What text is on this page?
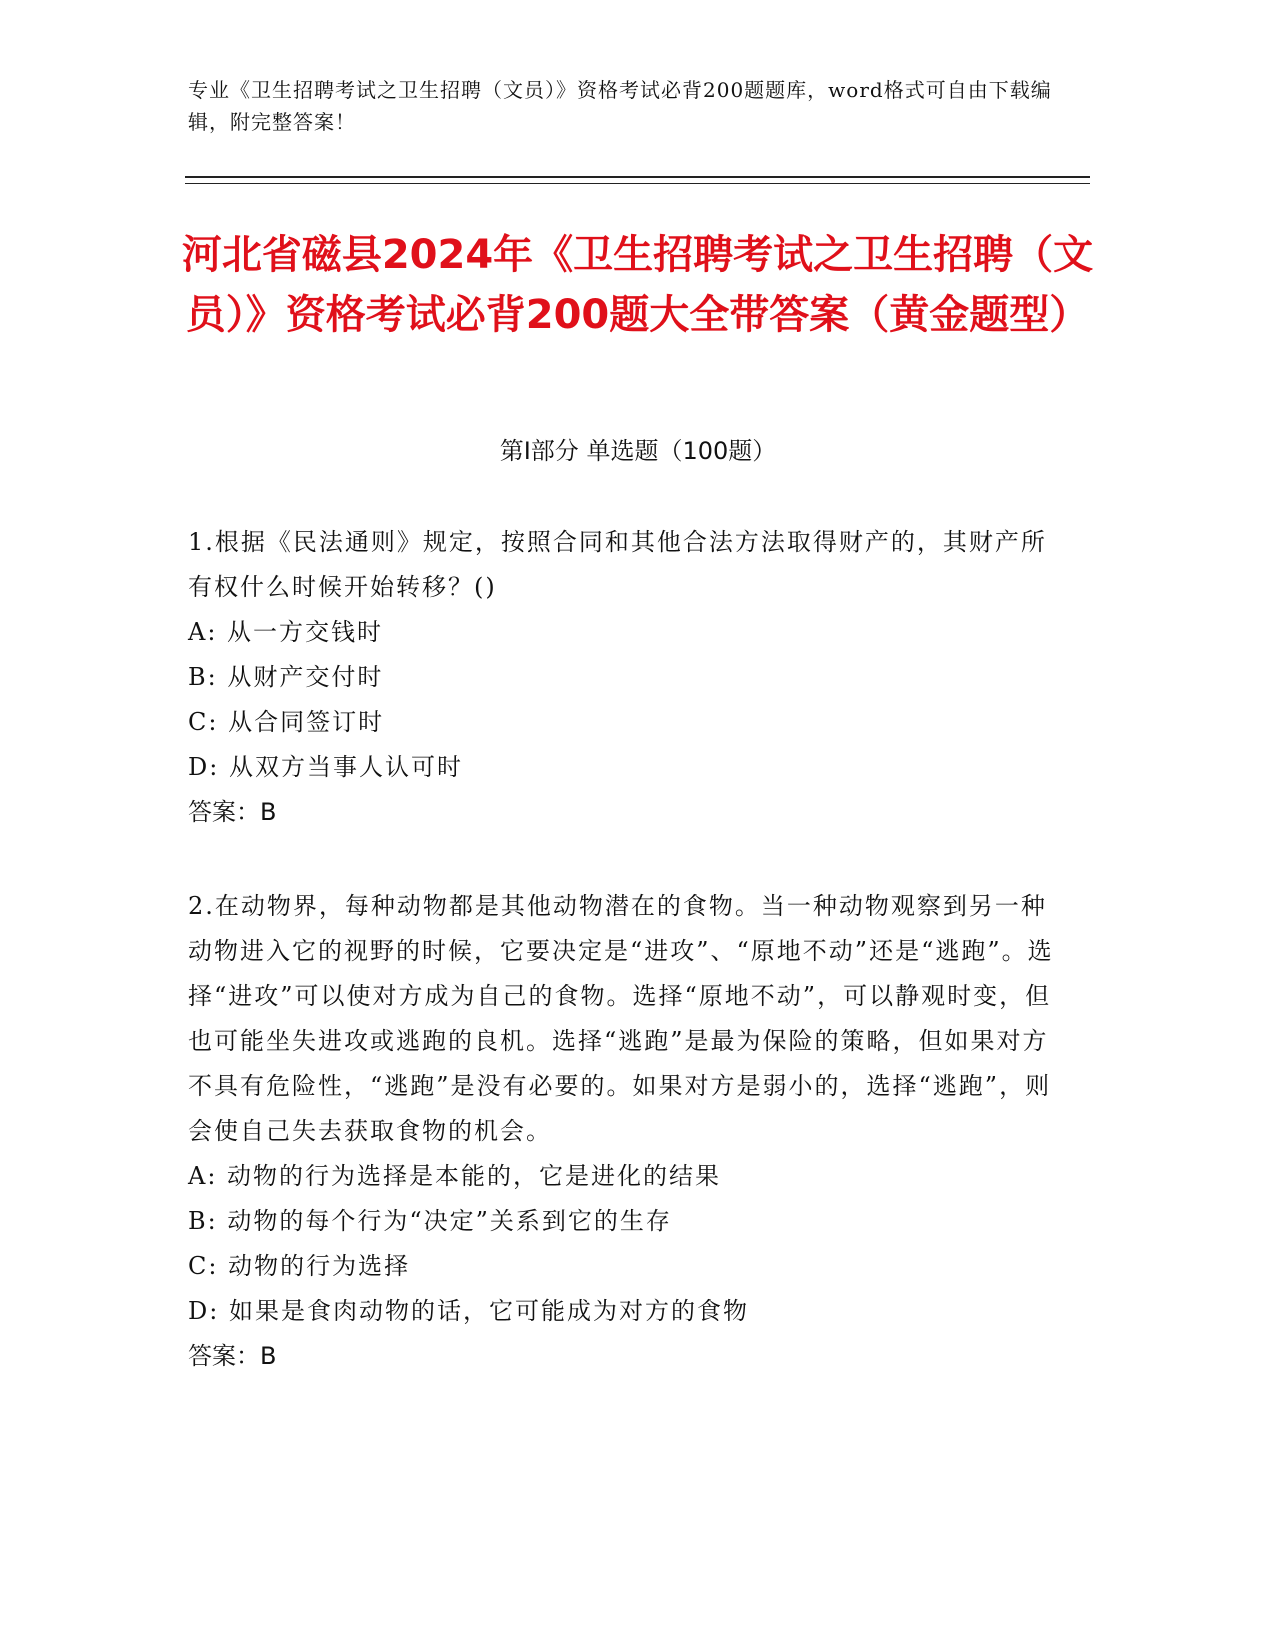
专业《卫生招聘考试之卫生招聘（文员）》资格考试必背200题题库，word格式可自由下载编辑，附完整答案！
河北省磁县2024年《卫生招聘考试之卫生招聘（文员）》资格考试必背200题大全带答案（黄金题型）
第I部分 单选题（100题）

1.根据《民法通则》规定，按照合同和其他合法方法取得财产的，其财产所有权什么时候开始转移？()

A: 从一方交钱时

B: 从财产交付时

C: 从合同签订时

D: 从双方当事人认可时

答案：B

2.在动物界，每种动物都是其他动物潜在的食物。当一种动物观察到另一种动物进入它的视野的时候，它要决定是“进攻”、“原地不动”还是“逃跑”。选择“进攻”可以使对方成为自己的食物。选择“原地不动”，可以静观时变，但也可能坐失进攻或逃跑的良机。选择“逃跑”是最为保险的策略，但如果对方不具有危险性，“逃跑”是没有必要的。如果对方是弱小的，选择“逃跑”，则会使自己失去获取食物的机会。

A: 动物的行为选择是本能的，它是进化的结果

B: 动物的每个行为“决定”关系到它的生存

C: 动物的行为选择

D: 如果是食肉动物的话，它可能成为对方的食物

答案：B
